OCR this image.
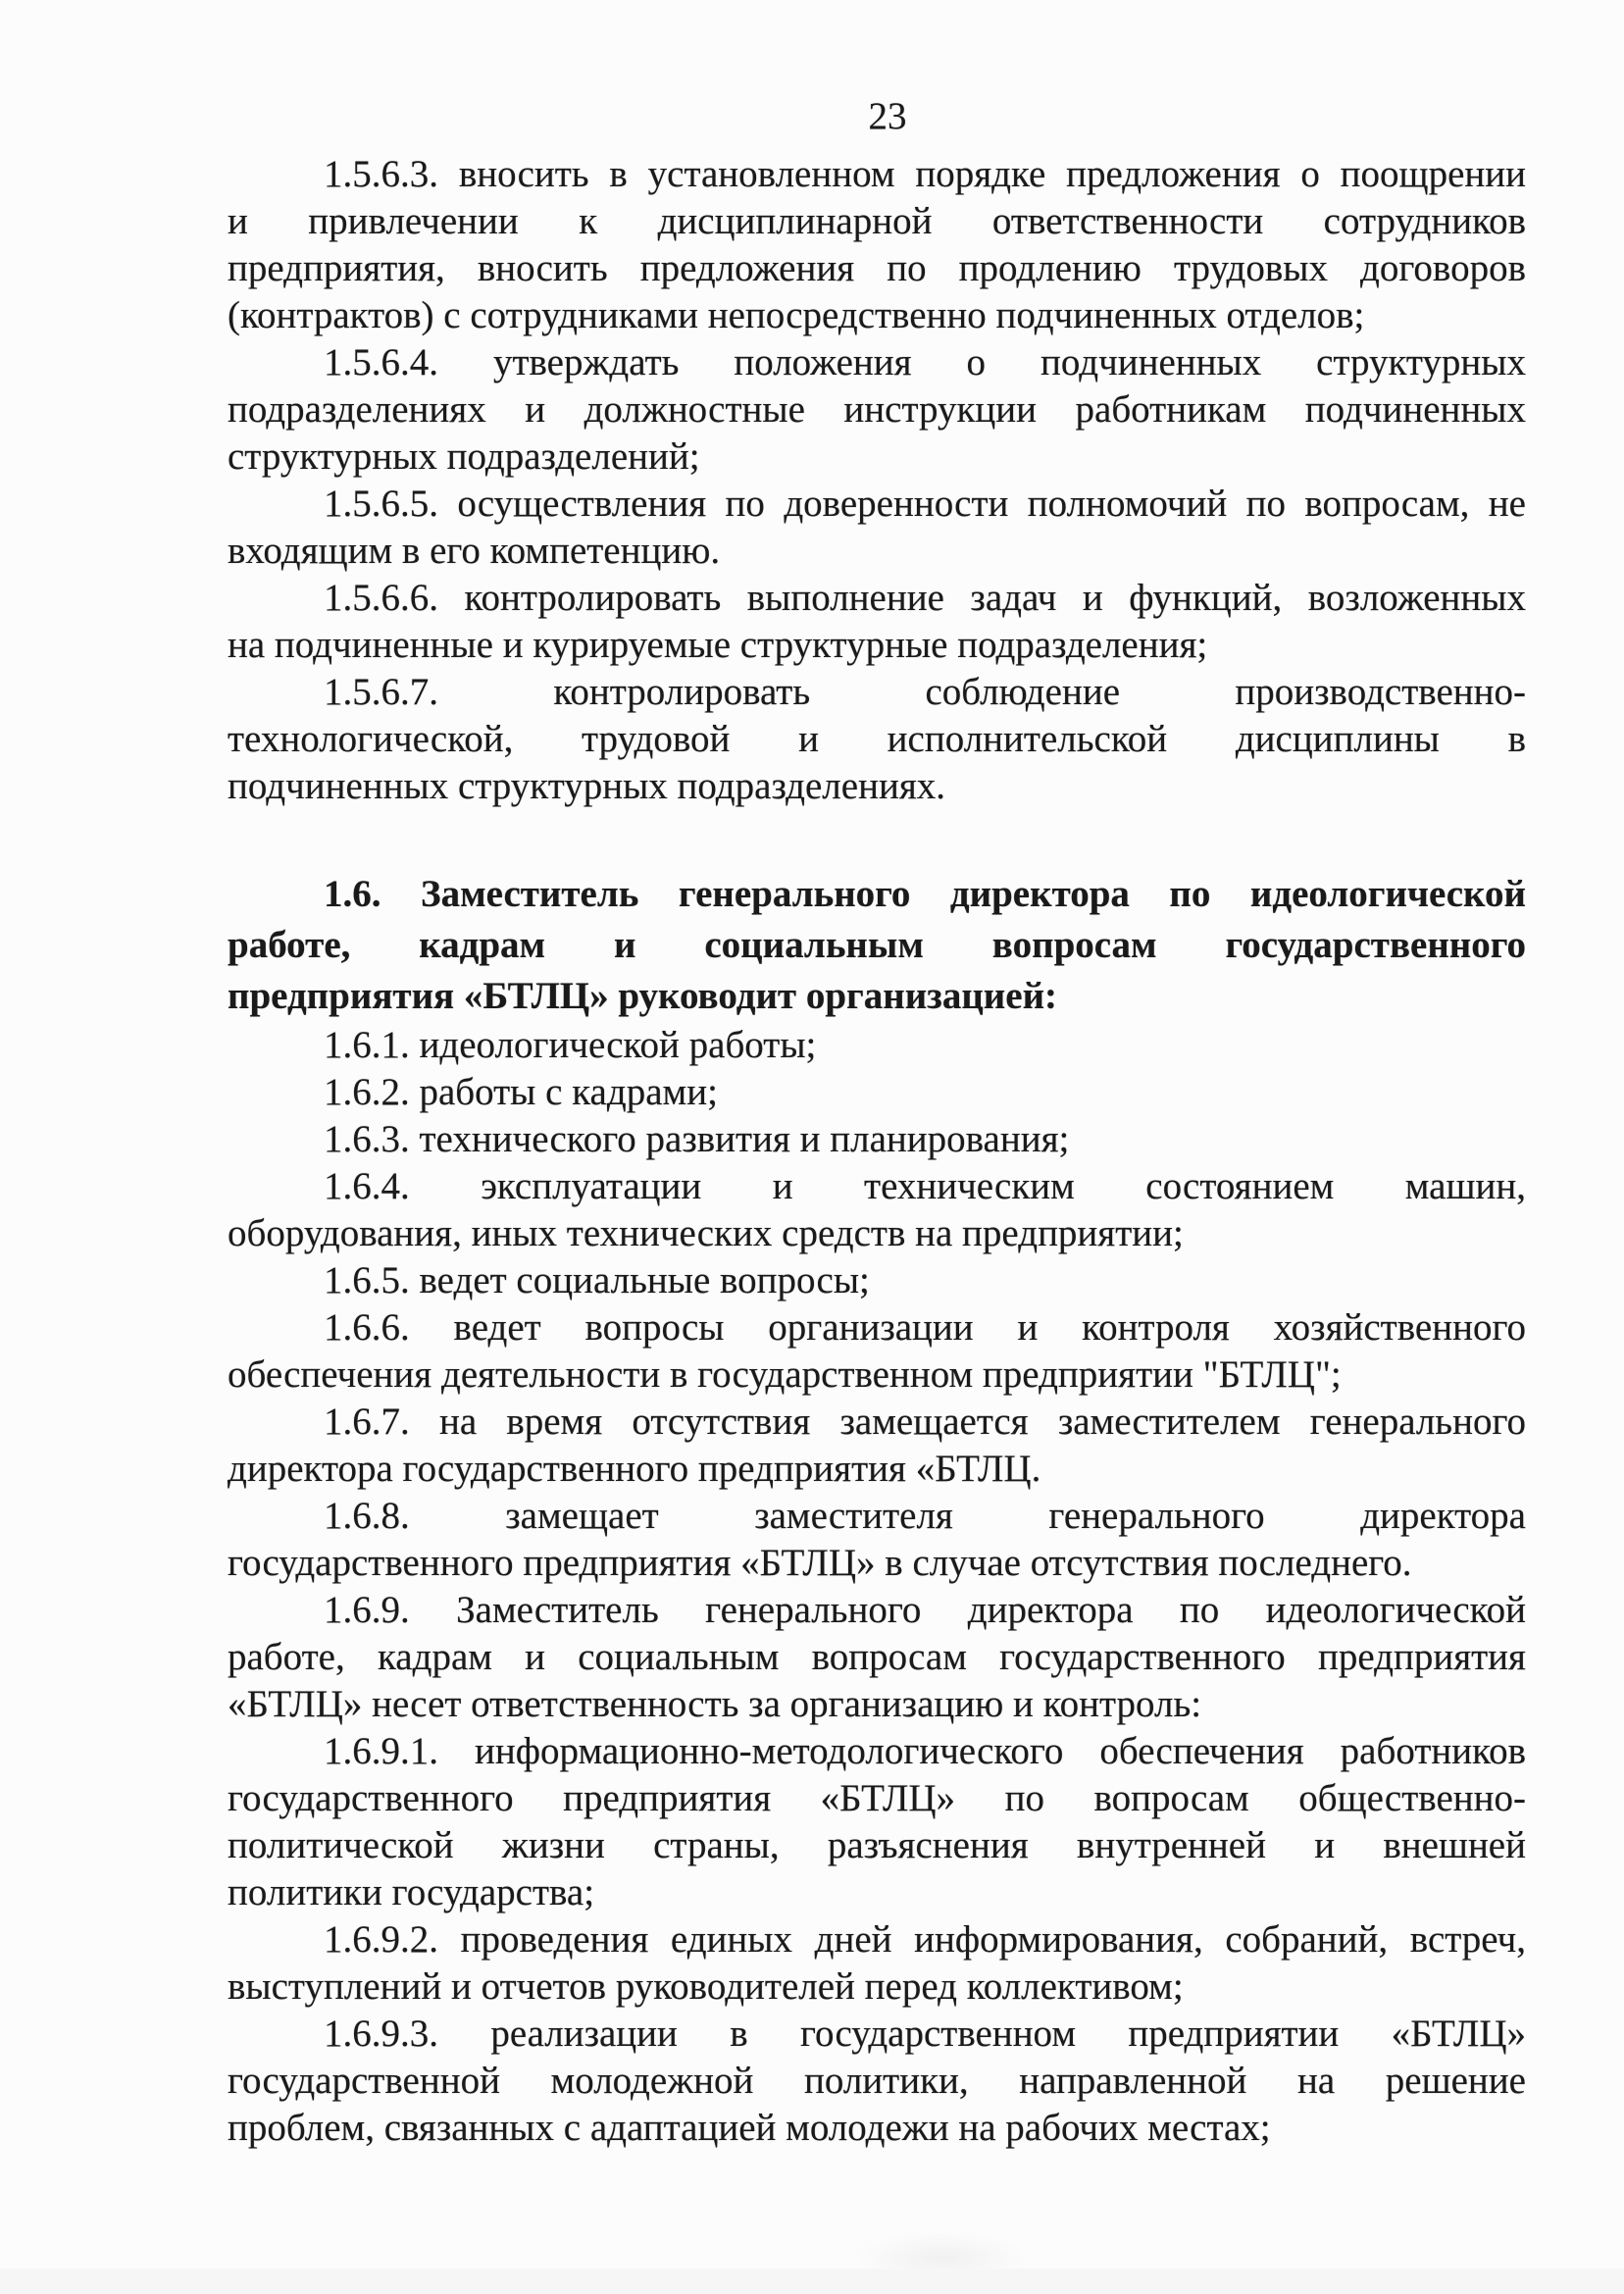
23
1.5.6.3. вносить в установленном порядке предложения о поощрении
и привлечении к дисциплинарной ответственности сотрудников
предприятия, вносить предложения по продлению трудовых договоров
(контрактов) с сотрудниками непосредственно подчиненных отделов;
1.5.6.4. утверждать положения о подчиненных структурных
подразделениях и должностные инструкции работникам подчиненных
структурных подразделений;
1.5.6.5. осуществления по доверенности полномочий по вопросам, не
входящим в его компетенцию.
1.5.6.6. контролировать выполнение задач и функций, возложенных
на подчиненные и курируемые структурные подразделения;
1.5.6.7. контролировать соблюдение производственно-
технологической, трудовой и исполнительской дисциплины в
подчиненных структурных подразделениях.
1.6. Заместитель генерального директора по идеологической
работе, кадрам и социальным вопросам государственного
предприятия «БТЛЦ» руководит организацией:
1.6.1. идеологической работы;
1.6.2. работы с кадрами;
1.6.3. технического развития и планирования;
1.6.4. эксплуатации и техническим состоянием машин,
оборудования, иных технических средств на предприятии;
1.6.5. ведет социальные вопросы;
1.6.6. ведет вопросы организации и контроля хозяйственного
обеспечения деятельности в государственном предприятии "БТЛЦ";
1.6.7. на время отсутствия замещается заместителем генерального
директора государственного предприятия «БТЛЦ.
1.6.8. замещает заместителя генерального директора
государственного предприятия «БТЛЦ» в случае отсутствия последнего.
1.6.9. Заместитель генерального директора по идеологической
работе, кадрам и социальным вопросам государственного предприятия
«БТЛЦ» несет ответственность за организацию и контроль:
1.6.9.1. информационно-методологического обеспечения работников
государственного предприятия «БТЛЦ» по вопросам общественно-
политической жизни страны, разъяснения внутренней и внешней
политики государства;
1.6.9.2. проведения единых дней информирования, собраний, встреч,
выступлений и отчетов руководителей перед коллективом;
1.6.9.3. реализации в государственном предприятии «БТЛЦ»
государственной молодежной политики, направленной на решение
проблем, связанных с адаптацией молодежи на рабочих местах;
